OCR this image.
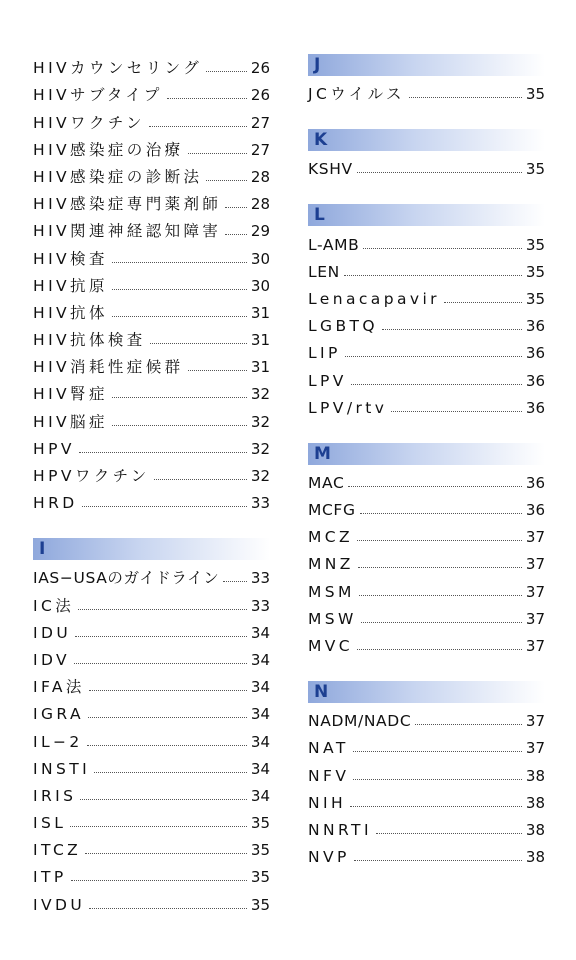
HIVカウンセリング	26
HIVサブタイプ	26
HIVワクチン	27
HIV感染症の治療	27
HIV感染症の診断法	28
HIV感染症専門薬剤師 28
HIV関連神経認知障害 29
HIV検査	30
HIV抗原	30
HIV抗体	31
HIV抗体検査	31
HIV消耗性症候群	31
HIV腎症	32
HIV脳症	32
HPV	32
HPVワクチン	32
HRD	33
I
IAS−USAのガイドライン 33
IC法	33
IDU	34
IDV	34
IFA法	34
IGRA	34
IL−2	34
INSTI	34
IRIS	34
ISL	35
ITCZ	35
ITP	35
IVDU	35
J
JCウイルス	35
K
KSHV	35
L
L-AMB	35
LEN	35
Lenacapavir	35
LGBTQ	36
LIP	36
LPV	36
LPV/rtv	36
M
MAC	36
MCFG	36
MCZ	37
MNZ	37
MSM	37
MSW	37
MVC	37
N
NADM/NADC	37
NAT	37
NFV	38
NIH	38
NNRTI	38
NVP	38
